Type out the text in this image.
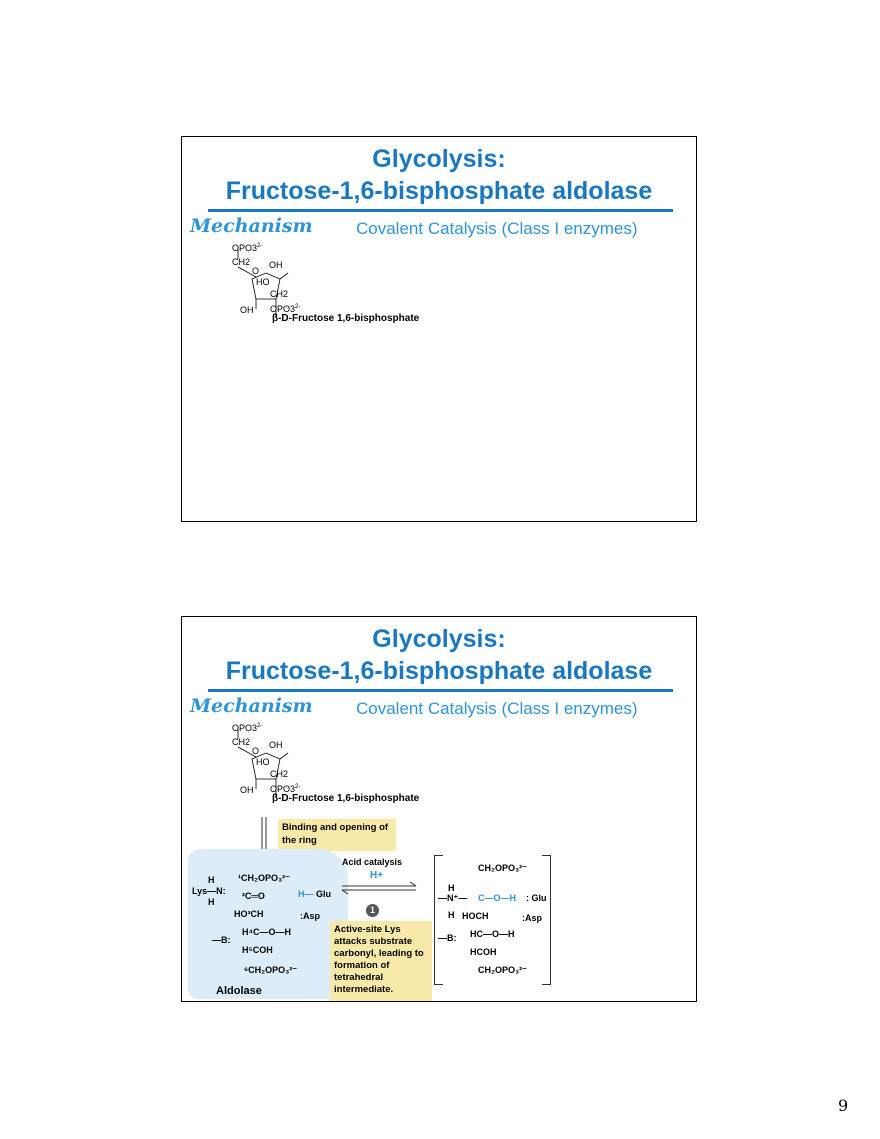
Glycolysis:
Fructose-1,6-bisphosphate aldolase
Mechanism	Covalent Catalysis (Class I enzymes)
$OPO3^{2-}$
CH2
O
OH
HO
CH2
OH $OPO3^{2-}$
β-D-Fructose 1,6-bisphosphate
Glycolysis:
Fructose-1,6-bisphosphate aldolase
Mechanism	Covalent Catalysis (Class I enzymes)
$OPO3^{2-}$
CH2
O
OH
HO
CH2
OH $OPO3^{2-}$
β-D-Fructose 1,6-bisphosphate
Binding and opening of the ring
H
Lys—N:
H
¹CH₂OPO₃²⁻
²C═O	H— Glu
HO³CH	:Asp
H⁴C—O—H
—B:
H⁵COH
⁶CH₂OPO₃²⁻
Aldolase
Acid catalysis
H+
1
Active-site Lys attacks substrate carbonyl, leading to formation of tetrahedral intermediate.
CH₂OPO₃²⁻
H
—N⁺— C—O—H : Glu
H HOCH	:Asp
—B: HC—O—H
HCOH
CH₂OPO₃²⁻
9
